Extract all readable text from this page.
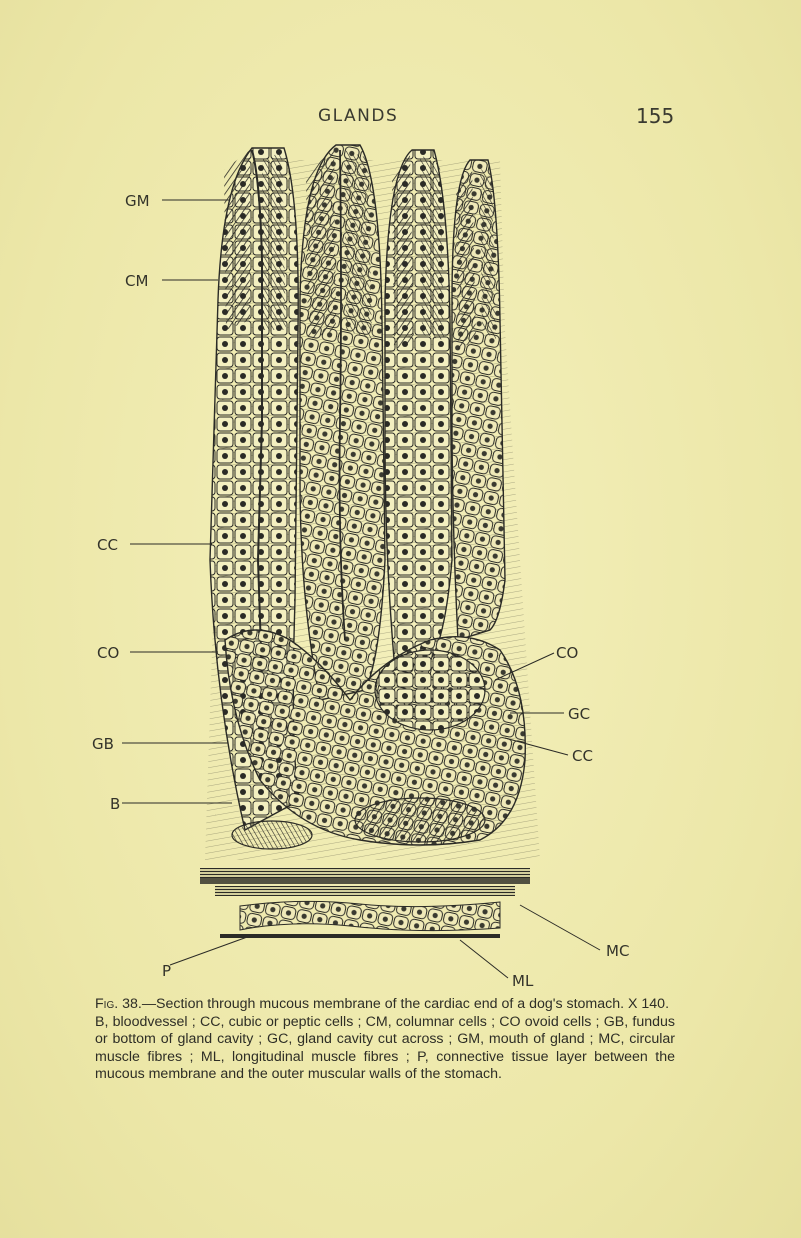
GLANDS	155
GM
CM
CC
CO
GB
B
CO
GC
CC
MC
P
ML

Fig. 38.—Section through mucous membrane of the cardiac end of a dog's stomach. X 140.

B, bloodvessel ; CC, cubic or peptic cells ; CM, columnar cells ; CO ovoid cells ; GB, fundus or bottom of gland cavity ; GC, gland cavity cut across ; GM, mouth of gland ; MC, circular muscle fibres ; ML, longitudinal muscle fibres ; P, connective tissue layer between the mucous membrane and the outer muscular walls of the stomach.
